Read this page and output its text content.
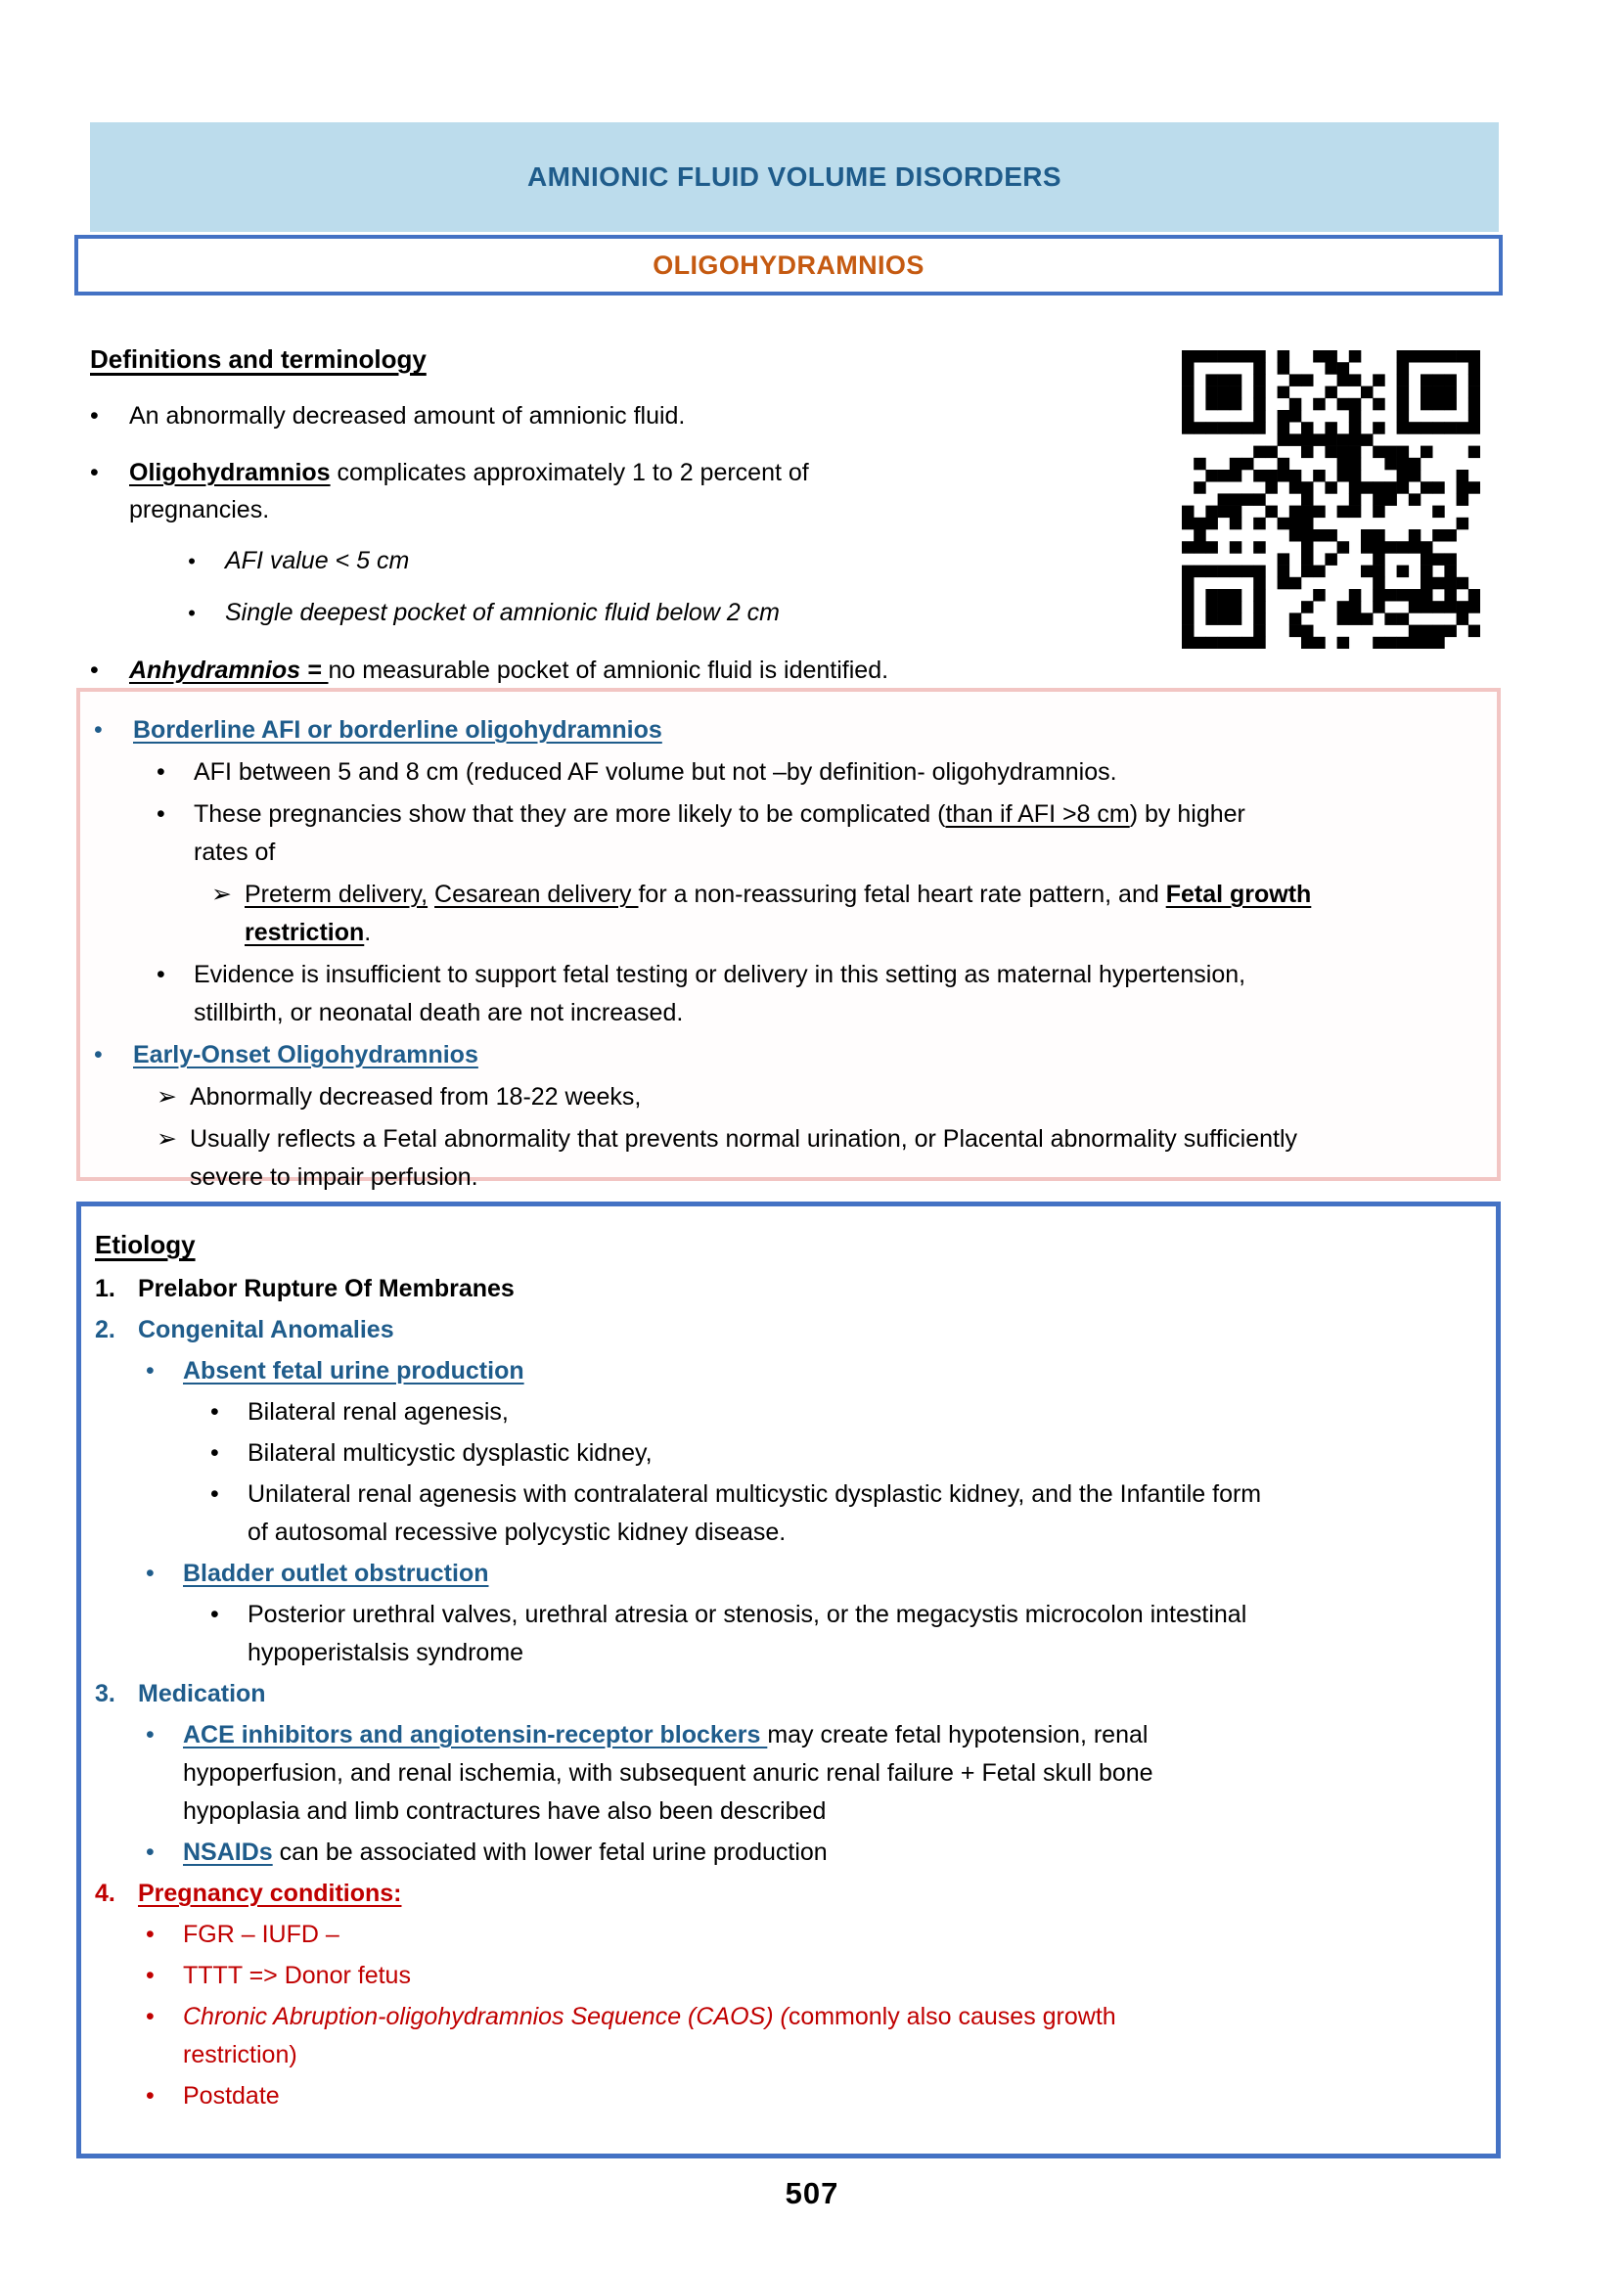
AMNIONIC FLUID VOLUME DISORDERS
OLIGOHYDRAMNIOS
Definitions and terminology
•
An abnormally decreased amount of amnionic fluid.
•
Oligohydramnios complicates approximately 1 to 2 percent of pregnancies.
•
AFI value < 5 cm
•
Single deepest pocket of amnionic fluid below 2 cm
•
Anhydramnios = no measurable pocket of amnionic fluid is identified.
•
Borderline AFI or borderline oligohydramnios
•
AFI between 5 and 8 cm (reduced AF volume but not –by definition- oligohydramnios.
•
These pregnancies show that they are more likely to be complicated (than if AFI >8 cm) by higher rates of
➢
Preterm delivery, Cesarean delivery for a non-reassuring fetal heart rate pattern, and Fetal growth restriction.
•
Evidence is insufficient to support fetal testing or delivery in this setting as maternal hypertension, stillbirth, or neonatal death are not increased.
•
Early-Onset Oligohydramnios
➢
Abnormally decreased from 18-22 weeks,
➢
Usually reflects a Fetal abnormality that prevents normal urination, or Placental abnormality sufficiently severe to impair perfusion.
Etiology
1. Prelabor Rupture Of Membranes
2. Congenital Anomalies
•
Absent fetal urine production
•
Bilateral renal agenesis,
•
Bilateral multicystic dysplastic kidney,
•
Unilateral renal agenesis with contralateral multicystic dysplastic kidney, and the Infantile form of autosomal recessive polycystic kidney disease.
•
Bladder outlet obstruction
•
Posterior urethral valves, urethral atresia or stenosis, or the megacystis microcolon intestinal hypoperistalsis syndrome
3. Medication
•
ACE inhibitors and angiotensin-receptor blockers may create fetal hypotension, renal hypoperfusion, and renal ischemia, with subsequent anuric renal failure + Fetal skull bone hypoplasia and limb contractures have also been described
•
NSAIDs can be associated with lower fetal urine production
4. Pregnancy conditions:
•
FGR – IUFD –
•
TTTT => Donor fetus
•
Chronic Abruption-oligohydramnios Sequence (CAOS) (commonly also causes growth restriction)
•
Postdate
507
